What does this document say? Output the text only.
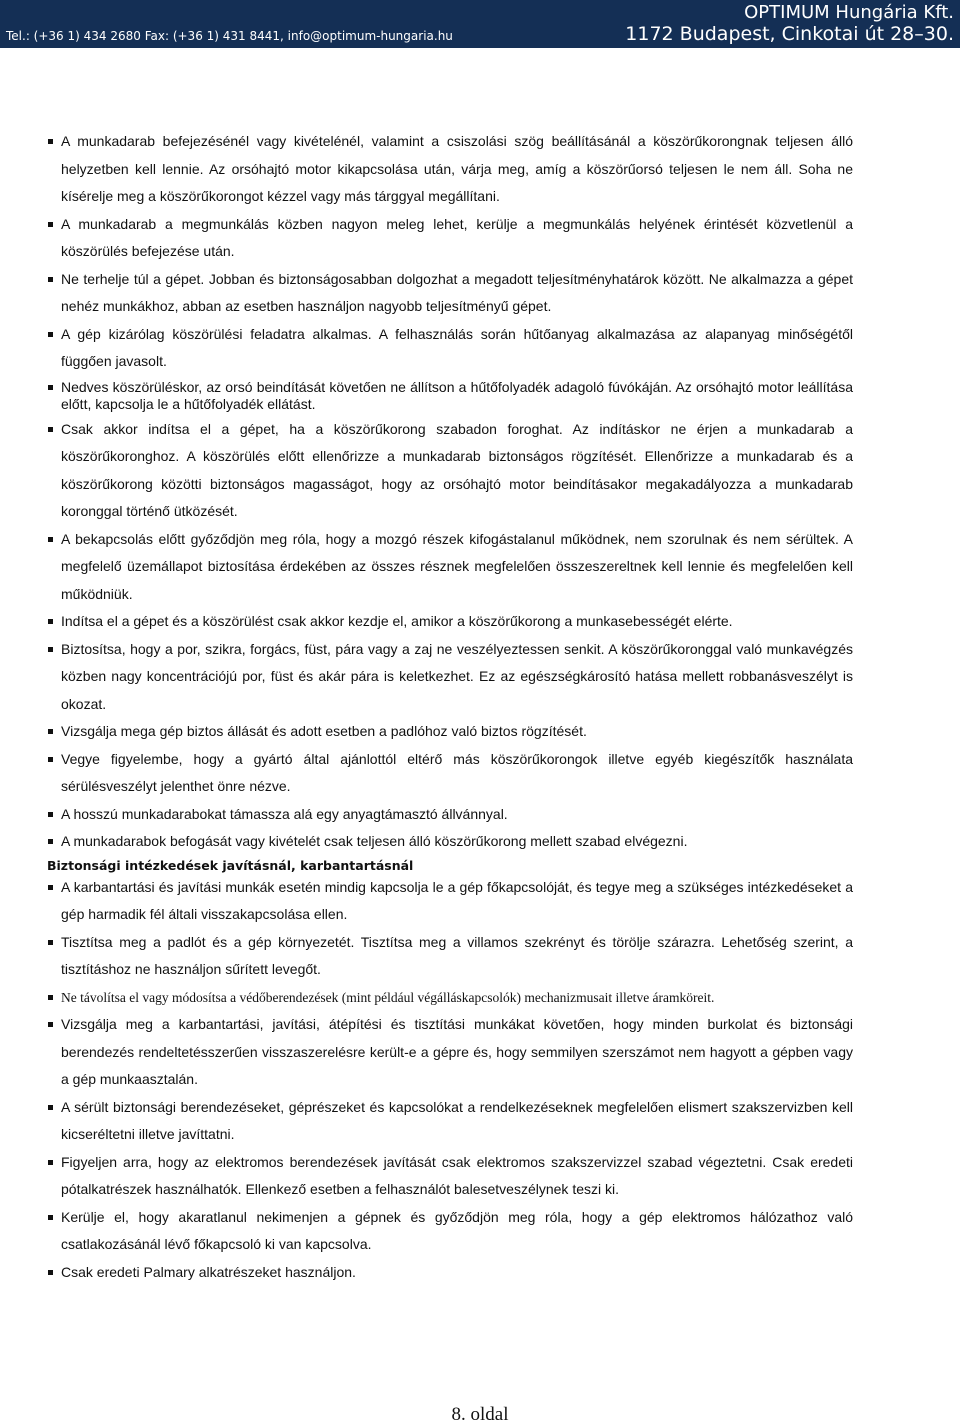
Tel.: (+36 1) 434 2680 Fax: (+36 1) 431 8441, info@optimum-hungaria.hu
OPTIMUM Hungária Kft.
1172 Budapest, Cinkotai út 28–30.
A munkadarab befejezésénél vagy kivételénél, valamint a csiszolási szög beállításánál a köszörűkorongnak teljesen álló helyzetben kell lennie. Az orsóhajtó motor kikapcsolása után, várja meg, amíg a köszörűorsó teljesen le nem áll. Soha ne kísérelje meg a köszörűkorongot kézzel vagy más tárggyal megállítani.
A munkadarab a megmunkálás közben nagyon meleg lehet, kerülje a megmunkálás helyének érintését közvetlenül a köszörülés befejezése után.
Ne terhelje túl a gépet. Jobban és biztonságosabban dolgozhat a megadott teljesítményhatárok között. Ne alkalmazza a gépet nehéz munkákhoz, abban az esetben használjon nagyobb teljesítményű gépet.
A gép kizárólag köszörülési feladatra alkalmas. A felhasználás során hűtőanyag alkalmazása az alapanyag minőségétől függően javasolt.
Nedves köszörüléskor, az orsó beindítását követően ne állítson a hűtőfolyadék adagoló fúvókáján. Az orsóhajtó motor leállítása előtt, kapcsolja le a hűtőfolyadék ellátást.
Csak akkor indítsa el a gépet, ha a köszörűkorong szabadon foroghat. Az indításkor ne érjen a munkadarab a köszörűkoronghoz. A köszörülés előtt ellenőrizze a munkadarab biztonságos rögzítését. Ellenőrizze a munkadarab és a köszörűkorong közötti biztonságos magasságot, hogy az orsóhajtó motor beindításakor megakadályozza a munkadarab koronggal történő ütközését.
A bekapcsolás előtt győződjön meg róla, hogy a mozgó részek kifogástalanul működnek, nem szorulnak és nem sérültek. A megfelelő üzemállapot biztosítása érdekében az összes résznek megfelelően összeszereltnek kell lennie és megfelelően kell működniük.
Indítsa el a gépet és a köszörülést csak akkor kezdje el, amikor a köszörűkorong a munkasebességét elérte.
Biztosítsa, hogy a por, szikra, forgács, füst, pára vagy a zaj ne veszélyeztessen senkit. A köszörűkoronggal való munkavégzés közben nagy koncentrációjú por, füst és akár pára is keletkezhet. Ez az egészségkárosító hatása mellett robbanásveszélyt is okozat.
Vizsgálja mega gép biztos állását és adott esetben a padlóhoz való biztos rögzítését.
Vegye figyelembe, hogy a gyártó által ajánlottól eltérő más köszörűkorongok illetve egyéb kiegészítők használata sérülésveszélyt jelenthet önre nézve.
A hosszú munkadarabokat támassza alá egy anyagtámasztó állvánnyal.
A munkadarabok befogását vagy kivételét csak teljesen álló köszörűkorong mellett szabad elvégezni.
Biztonsági intézkedések javításnál, karbantartásnál
A karbantartási és javítási munkák esetén mindig kapcsolja le a gép főkapcsolóját, és tegye meg a szükséges intézkedéseket a gép harmadik fél általi visszakapcsolása ellen.
Tisztítsa meg a padlót és a gép környezetét. Tisztítsa meg a villamos szekrényt és törölje szárazra. Lehetőség szerint, a tisztításhoz ne használjon sűrített levegőt.
Ne távolítsa el vagy módosítsa a védőberendezések (mint például végálláskapcsolók) mechanizmusait illetve áramköreit.
Vizsgálja meg a karbantartási, javítási, átépítési és tisztítási munkákat követően, hogy minden burkolat és biztonsági berendezés rendeltetésszerűen visszaszerelésre került-e a gépre és, hogy semmilyen szerszámot nem hagyott a gépben vagy a gép munkaasztalán.
A sérült biztonsági berendezéseket, géprészeket és kapcsolókat a rendelkezéseknek megfelelően elismert szakszervizben kell kicseréltetni illetve javíttatni.
Figyeljen arra, hogy az elektromos berendezések javítását csak elektromos szakszervizzel szabad végeztetni. Csak eredeti pótalkatrészek használhatók. Ellenkező esetben a felhasználót balesetveszélynek teszi ki.
Kerülje el, hogy akaratlanul nekimenjen a gépnek és győződjön meg róla, hogy a gép elektromos hálózathoz való csatlakozásánál lévő főkapcsoló ki van kapcsolva.
Csak eredeti Palmary alkatrészeket használjon.
8. oldal
